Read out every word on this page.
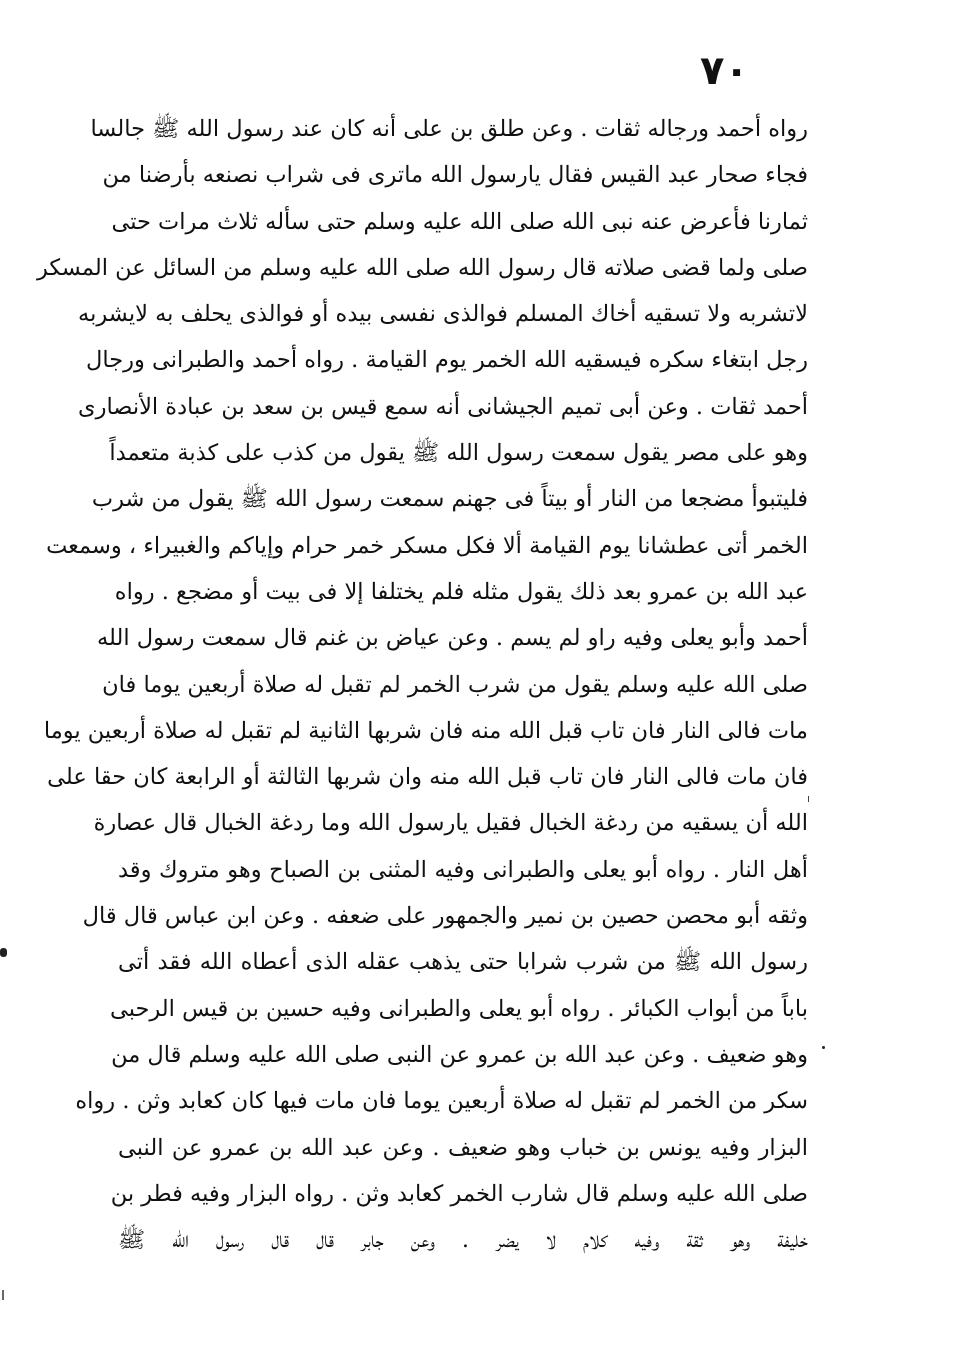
٧٠
رواه أحمد ورجاله ثقات . وعن طلق بن على أنه كان عند رسول الله ﷺ جالسا
فجاء صحار عبد القيس فقال يارسول الله ماترى فى شراب نصنعه بأرضنا من
ثمارنا فأعرض عنه نبى الله صلى الله عليه وسلم حتى سأله ثلاث مرات حتى
صلى ولما قضى صلاته قال رسول الله صلى الله عليه وسلم من السائل عن المسكر
لاتشربه ولا تسقيه أخاك المسلم فوالذى نفسى بيده أو فوالذى يحلف به لايشربه
رجل ابتغاء سكره فيسقيه الله الخمر يوم القيامة . رواه أحمد والطبرانى ورجال
أحمد ثقات . وعن أبى تميم الجيشانى أنه سمع قيس بن سعد بن عبادة الأنصارى
وهو على مصر يقول سمعت رسول الله ﷺ يقول من كذب على كذبة متعمداً
فليتبوأ مضجعا من النار أو بيتاً فى جهنم سمعت رسول الله ﷺ يقول من شرب
الخمر أتى عطشانا يوم القيامة ألا فكل مسكر خمر حرام وإياكم والغبيراء ، وسمعت
عبد الله بن عمرو بعد ذلك يقول مثله فلم يختلفا إلا فى بيت أو مضجع . رواه
أحمد وأبو يعلى وفيه راو لم يسم . وعن عياض بن غنم قال سمعت رسول الله
صلى الله عليه وسلم يقول من شرب الخمر لم تقبل له صلاة أربعين يوما فان
مات فالى النار فان تاب قبل الله منه فان شربها الثانية لم تقبل له صلاة أربعين يوما
فان مات فالى النار فان تاب قبل الله منه وان شربها الثالثة أو الرابعة كان حقا على
الله أن يسقيه من ردغة الخبال فقيل يارسول الله وما ردغة الخبال قال عصارة
أهل النار . رواه أبو يعلى والطبرانى وفيه المثنى بن الصباح وهو متروك وقد
وثقه أبو محصن حصين بن نمير والجمهور على ضعفه . وعن ابن عباس قال قال
رسول الله ﷺ من شرب شرابا حتى يذهب عقله الذى أعطاه الله فقد أتى
باباً من أبواب الكبائر . رواه أبو يعلى والطبرانى وفيه حسين بن قيس الرحبى
وهو ضعيف . وعن عبد الله بن عمرو عن النبى صلى الله عليه وسلم قال من
سكر من الخمر لم تقبل له صلاة أربعين يوما فان مات فيها كان كعابد وثن . رواه
البزار وفيه يونس بن خباب وهو ضعيف . وعن عبد الله بن عمرو عن النبى
صلى الله عليه وسلم قال شارب الخمر كعابد وثن . رواه البزار وفيه فطر بن
خليفة وهو ثقة وفيه كلام لا يضر . وعن جابر قال قال رسول الله ﷺ
